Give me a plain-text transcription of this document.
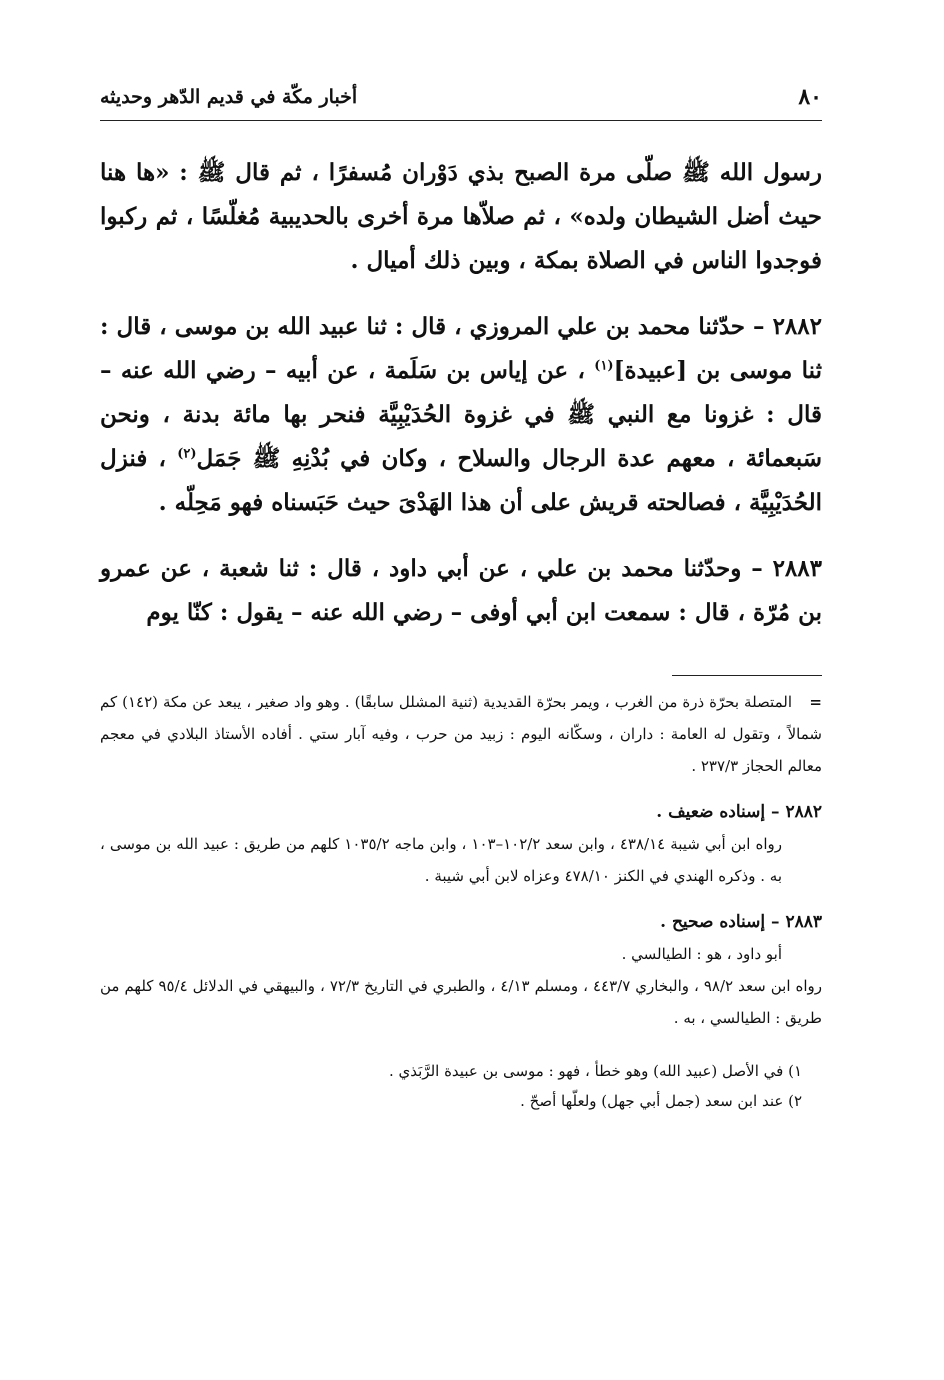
٨٠
أخبار مكّة في قديم الدّهر وحديثه

رسول الله ﷺ صلّى مرة الصبح بذي دَوْران مُسفرًا ، ثم قال ﷺ : «ها هنا حيث أضل الشيطان ولده» ، ثم صلاّها مرة أخرى بالحديبية مُغلّسًا ، ثم ركبوا فوجدوا الناس في الصلاة بمكة ، وبين ذلك أميال .

٢٨٨٢ – حدّثنا محمد بن علي المروزي ، قال : ثنا عبيد الله بن موسى ، قال : ثنا موسى بن [عبيدة]$^{(١)}$ ، عن إياس بن سَلَمة ، عن أبيه – رضي الله عنه – قال : غزونا مع النبي ﷺ في غزوة الحُدَيْبِيَّة فنحر بها مائة بدنة ، ونحن سَبعمائة ، معهم عدة الرجال والسلاح ، وكان في بُدْنِهِ ﷺ جَمَل$^{(٢)}$ ، فنزل الحُدَيْبِيَّة ، فصالحته قريش على أن هذا الهَدْىَ حيث حَبَسناه فهو مَحِلّه .

٢٨٨٣ – وحدّثنا محمد بن علي ، عن أبي داود ، قال : ثنا شعبة ، عن عمرو بن مُرّة ، قال : سمعت ابن أبي أوفى – رضي الله عنه – يقول : كنّا يوم

=المتصلة بحرّة ذرة من الغرب ، ويمر بحرّة القديدية (ثنية المشلل سابقًا) . وهو واد صغير ، يبعد عن مكة (١٤٢) كم شمالاً ، وتقول له العامة : داران ، وسكّانه اليوم : زبيد من حرب ، وفيه آبار ستي . أفاده الأستاذ البلادي في معجم معالم الحجاز ٢٣٧/٣ .
٢٨٨٢ – إسناده ضعيف .
رواه ابن أبي شيبة ٤٣٨/١٤ ، وابن سعد ١٠٢/٢–١٠٣ ، وابن ماجه ١٠٣٥/٢ كلهم من طريق : عبيد الله بن موسى ، به . وذكره الهندي في الكنز ٤٧٨/١٠ وعزاه لابن أبي شيبة .
٢٨٨٣ – إسناده صحيح .
أبو داود ، هو : الطيالسي .
رواه ابن سعد ٩٨/٢ ، والبخاري ٤٤٣/٧ ، ومسلم ٤/١٣ ، والطبري في التاريخ ٧٢/٣ ، والبيهقي في الدلائل ٩٥/٤ كلهم من طريق : الطيالسي ، به .
١) في الأصل (عبيد الله) وهو خطأ ، فهو : موسى بن عبيدة الرَّبَذي .
٢) عند ابن سعد (جمل أبي جهل) ولعلّها أصحّ .
